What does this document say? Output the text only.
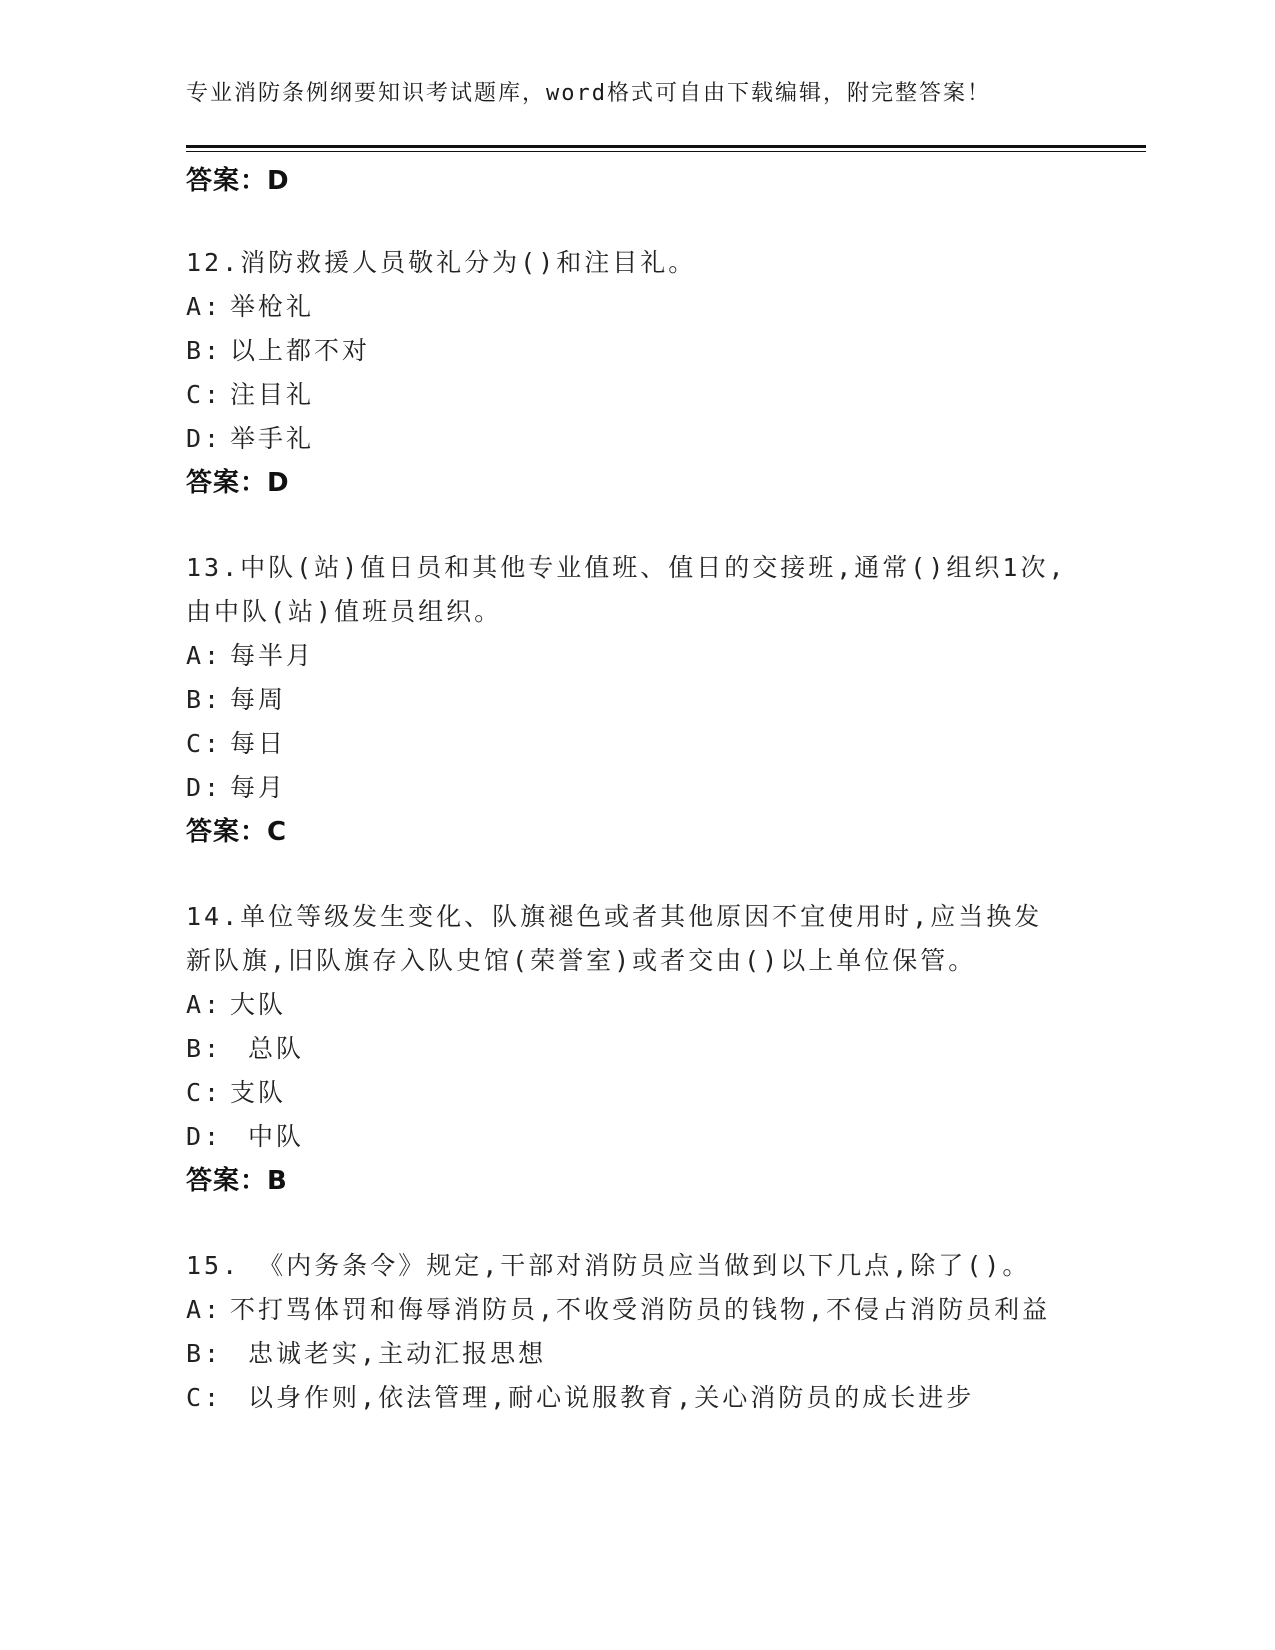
专业消防条例纲要知识考试题库，word格式可自由下载编辑，附完整答案！
答案：D
12.消防救援人员敬礼分为()和注目礼。
A: 举枪礼
B: 以上都不对
C: 注目礼
D: 举手礼
答案：D
13.中队(站)值日员和其他专业值班、值日的交接班,通常()组织1次,
由中队(站)值班员组织。
A: 每半月
B: 每周
C: 每日
D: 每月
答案：C
14.单位等级发生变化、队旗褪色或者其他原因不宜使用时,应当换发
新队旗,旧队旗存入队史馆(荣誉室)或者交由()以上单位保管。
A: 大队
B: 总队
C: 支队
D: 中队
答案：B
15. 《内务条令》规定,干部对消防员应当做到以下几点,除了()。
A: 不打骂体罚和侮辱消防员,不收受消防员的钱物,不侵占消防员利益
B: 忠诚老实,主动汇报思想
C: 以身作则,依法管理,耐心说服教育,关心消防员的成长进步
